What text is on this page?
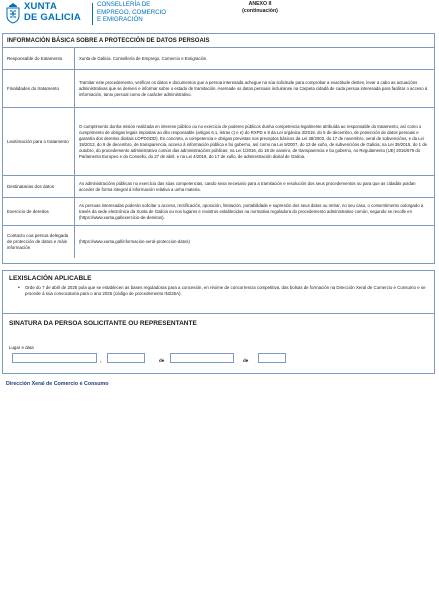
XUNTA
DE GALICIA
CONSELLERÍA DE
EMPREGO, COMERCIO
E EMIGRACIÓN
ANEXO II
(continuación)
INFORMACIÓN BÁSICA SOBRE A PROTECCIÓN DE DATOS PERSOAIS
Responsable do tratamento	Xunta de Galicia. Consellería de Emprego, Comercio e Emigración.
Finalidades do tratamento	Tramitar este procedemento, verificar os datos e documentos que a persoa interesada achegue na súa solicitude para comprobar a exactitude destes, levar a cabo as actuacións administrativas que se deriven e informar sobre o estado de tramitación. Asemade os datos persoais incluiranse na Carpeta cidadá de cada persoa interesada para facilitar o acceso á información, tanto persoal como de carácter administrativo.
Lexitimación para o tratamento	O cumprimento dunha misión realizada en interese público ou no exercicio de poderes públicos dunha competencia legalmente atribuída ao responsable do tratamento, así como o cumprimento de obrigas legais impostas ao dito responsable (artigos 6.1, letras c) e e) do RXPD e 8 da Lei orgánica 3/2018, do 5 de decembro, de protección de datos persoais e garantía dos dereitos dixitais LOPDGDD). En concreto, a competencia e obrigas previstas nos preceptos básicos da Lei 38/2003, do 17 de novembro, xeral de subvencións, e da Lei 19/2013, do 9 de decembro, de transparencia, acceso á información pública e bo goberno, así como na Lei 9/2007, do 13 de xuño, de subvencións de Galicia; na Lei 39/2015, do 1 de outubro, do procedemento administrativo común das administracións públicas; na Lei 1/2016, do 18 de xaneiro, de transparencia e bo goberno, no Regulamento (UE) 2016/679 do Parlamento Europeo e do Consello, do 27 de abril, e na Lei 4/2019, do 17 de xullo, de administración dixital de Galicia.
Destinatarias dos datos	As administracións públicas no exercicio das súas competencias, cando sexa necesario para a tramitación e resolución dos seus procedementos ou para que as cidadás poidan acceder de forma integral á información relativa a unha materia.
Exercicio de dereitos	As persoas interesadas poderán solicitar o acceso, rectificación, oposición, limitación, portabilidade e supresión dos seus datos ou retirar, no seu caso, o consentimento outorgado a través da sede electrónica da Xunta de Galicia ou nos lugares e rexistros establecidos na normativa reguladora do procedemento administrativo común, segundo se recolle en (https://www.xunta.gal/exercicio-de-dereitos).
Contacto coa persoa delegada de protección de datos e máis información	(https://www.xunta.gal/informacion-xeral-proteccion-datos)
LEXISLACIÓN APLICABLE
• Orde do 7 de abril de 2025 pola que se establecen as bases reguladoras para a concesión, en réxime de concorrencia competitiva, das bolsas de formación na Dirección Xeral de Comercio e Consumo e se procede á súa convocatoria para o ano 2025 (código de procedemento IN225A).
SINATURA DA PERSOA SOLICITANTE OU REPRESENTANTE
Lugar e data
,	de	de
Dirección Xeral de Comercio e Consumo
